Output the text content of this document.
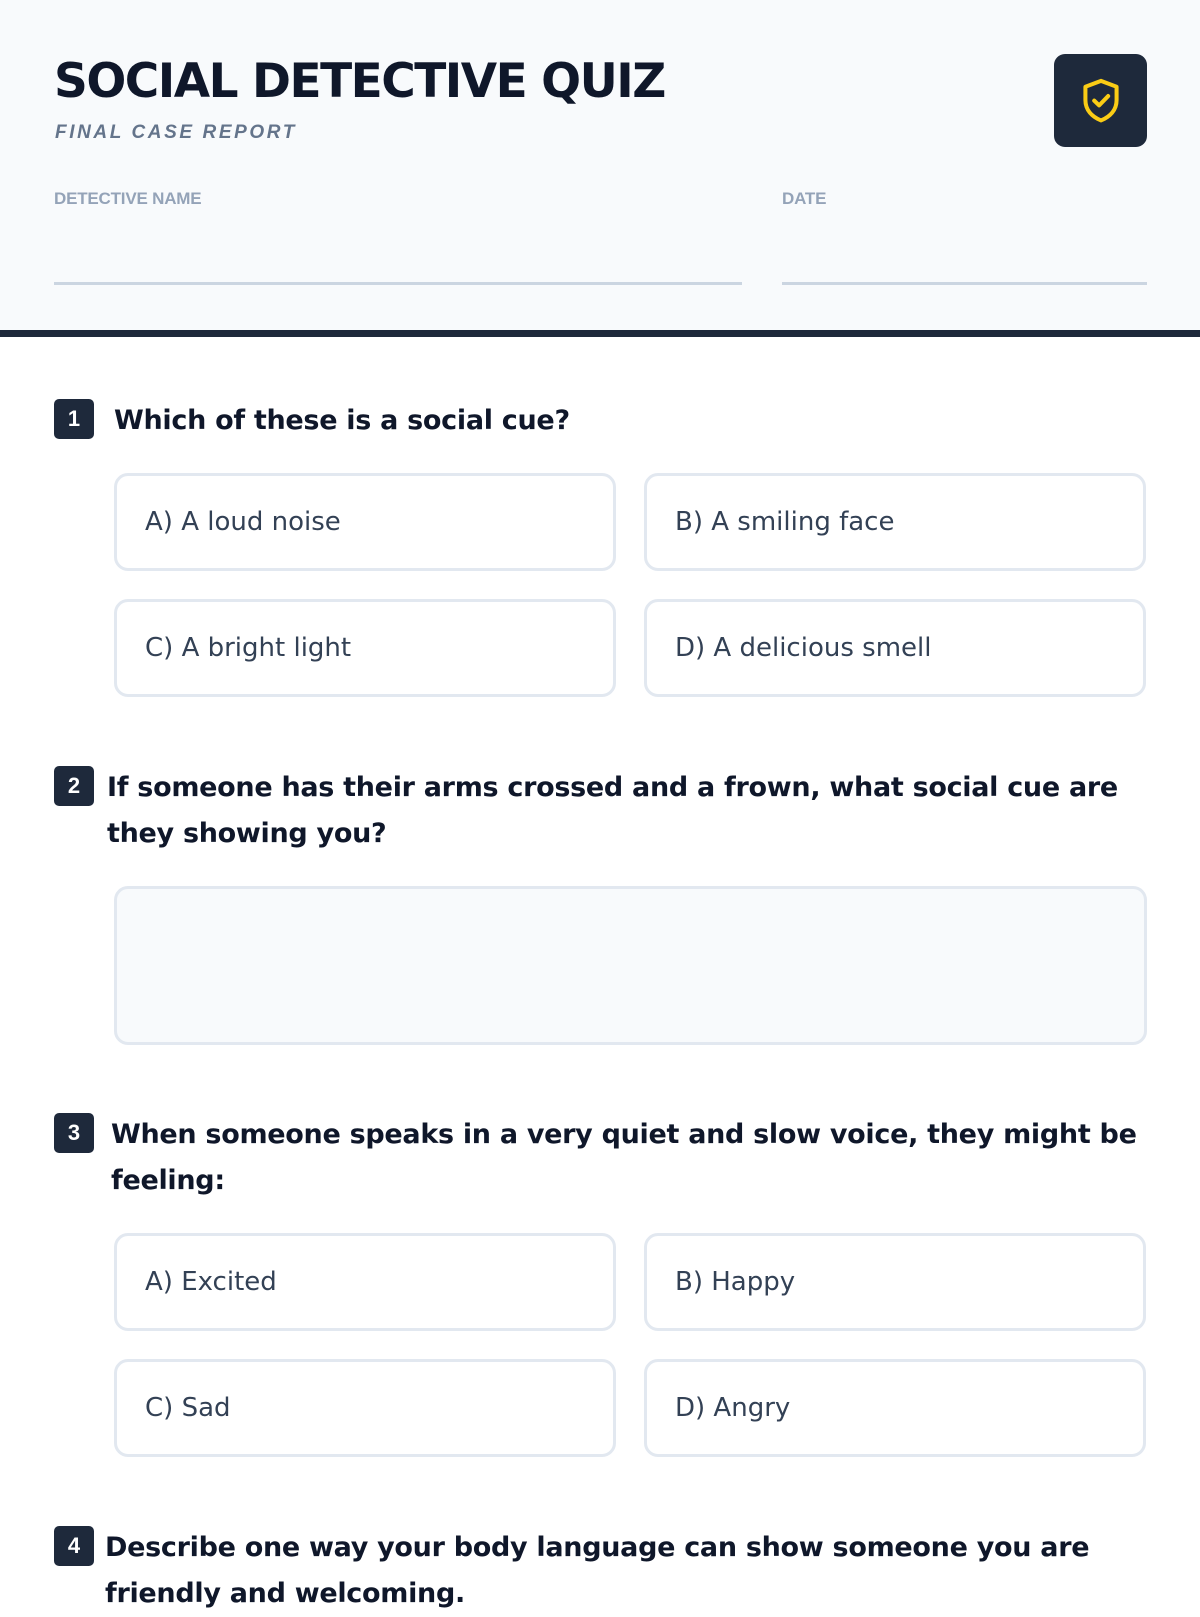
SOCIAL DETECTIVE QUIZ
FINAL CASE REPORT
DETECTIVE NAME	DATE
1	Which of these is a social cue?

A) A loud noise	B) A smiling face
C) A bright light	D) A delicious smell
2 If someone has their arms crossed and a frown, what social cue are they showing you?

3	When someone speaks in a very quiet and slow voice, they might be feeling:

A) Excited	B) Happy
C) Sad	D) Angry
4 Describe one way your body language can show someone you are friendly and welcoming.
